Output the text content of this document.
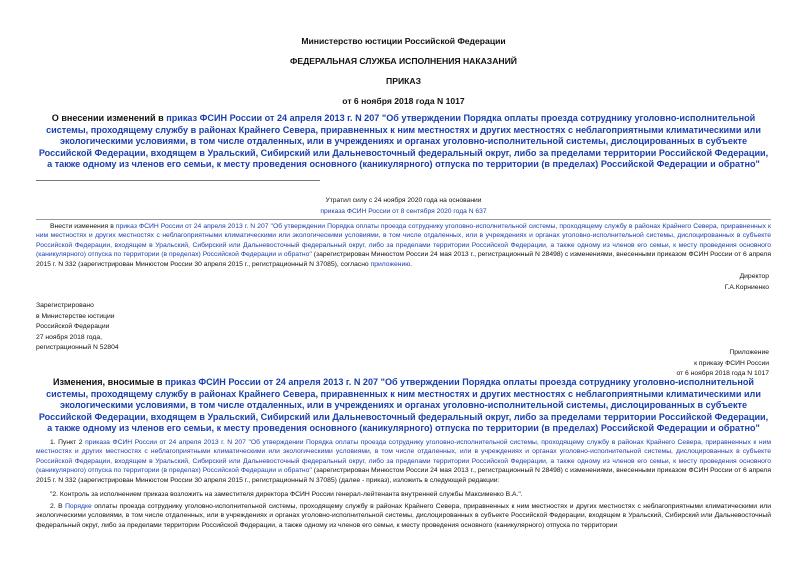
Министерство юстиции Российской Федерации
ФЕДЕРАЛЬНАЯ СЛУЖБА ИСПОЛНЕНИЯ НАКАЗАНИЙ
ПРИКАЗ
от 6 ноября 2018 года N 1017
О внесении изменений в приказ ФСИН России от 24 апреля 2013 г. N 207 "Об утверждении Порядка оплаты проезда сотруднику уголовно-исполнительной системы, проходящему службу в районах Крайнего Севера, приравненных к ним местностях и других местностях с неблагоприятными климатическими или экологическими условиями, в том числе отдаленных, или в учреждениях и органах уголовно-исполнительной системы, дислоцированных в субъекте Российской Федерации, входящем в Уральский, Сибирский или Дальневосточный федеральный округ, либо за пределами территории Российской Федерации, а также одному из членов его семьи, к месту проведения основного (каникулярного) отпуска по территории (в пределах) Российской Федерации и обратно"
Утратил силу с 24 ноября 2020 года на основании
приказа ФСИН России от 8 сентября 2020 года N 637
Внести изменения в приказ ФСИН России от 24 апреля 2013 г. N 207 "Об утверждении Порядка оплаты проезда сотруднику уголовно-исполнительной системы, проходящему службу в районах Крайнего Севера, приравненных к ним местностях и других местностях с неблагоприятными климатическими или экологическими условиями, в том числе отдаленных, или в учреждениях и органах уголовно-исполнительной системы, дислоцированных в субъекте Российской Федерации, входящем в Уральский, Сибирский или Дальневосточный федеральный округ, либо за пределами территории Российской Федерации, а также одному из членов его семьи, к месту проведения основного (каникулярного) отпуска по территории (в пределах) Российской Федерации и обратно" (зарегистрирован Минюстом России 24 мая 2013 г., регистрационный N 28498) с изменениями, внесенными приказом ФСИН России от 6 апреля 2015 г. N 332 (зарегистрирован Минюстом России 30 апреля 2015 г., регистрационный N 37085), согласно приложению.
Директор
Г.А.Корниенко
Зарегистрировано
в Министерстве юстиции
Российской Федерации
27 ноября 2018 года,
регистрационный N 52804
Приложение
к приказу ФСИН России
от 6 ноября 2018 года N 1017
Изменения, вносимые в приказ ФСИН России от 24 апреля 2013 г. N 207 "Об утверждении Порядка оплаты проезда сотруднику уголовно-исполнительной системы, проходящему службу в районах Крайнего Севера, приравненных к ним местностях и других местностях с неблагоприятными климатическими или экологическими условиями, в том числе отдаленных, или в учреждениях и органах уголовно-исполнительной системы, дислоцированных в субъекте Российской Федерации, входящем в Уральский, Сибирский или Дальневосточный федеральный округ, либо за пределами территории Российской Федерации, а также одному из членов его семьи, к месту проведения основного (каникулярного) отпуска по территории (в пределах) Российской Федерации и обратно"
1. Пункт 2 приказа ФСИН России от 24 апреля 2013 г. N 207 "Об утверждении Порядка оплаты проезда сотруднику уголовно-исполнительной системы, проходящему службу в районах Крайнего Севера, приравненных к ним местностях и других местностях с неблагоприятными климатическими или экологическими условиями, в том числе отдаленных, или в учреждениях и органах уголовно-исполнительной системы, дислоцированных в субъекте Российской Федерации, входящем в Уральский, Сибирский или Дальневосточный федеральный округ, либо за пределами территории Российской Федерации, а также одному из членов его семьи, к месту проведения основного (каникулярного) отпуска по территории (в пределах) Российской Федерации и обратно" (зарегистрирован Минюстом России 24 мая 2013 г., регистрационный N 28498) с изменениями, внесенными приказом ФСИН России от 6 апреля 2015 г. N 332 (зарегистрирован Минюстом России 30 апреля 2015 г., регистрационный N 37085) (далее - приказ), изложить в следующей редакции:
"2. Контроль за исполнением приказа возложить на заместителя директора ФСИН России генерал-лейтенанта внутренней службы Максименко В.А.".
2. В Порядке оплаты проезда сотруднику уголовно-исполнительной системы, проходящему службу в районах Крайнего Севера, приравненных к ним местностях и других местностях с неблагоприятными климатическими или экологическими условиями, в том числе отдаленных, или в учреждениях и органах уголовно-исполнительной системы, дислоцированных в субъекте Российской Федерации, входящем в Уральский, Сибирский или Дальневосточный федеральный округ, либо за пределами территории Российской Федерации, а также одному из членов его семьи, к месту проведения основного (каникулярного) отпуска по территории
